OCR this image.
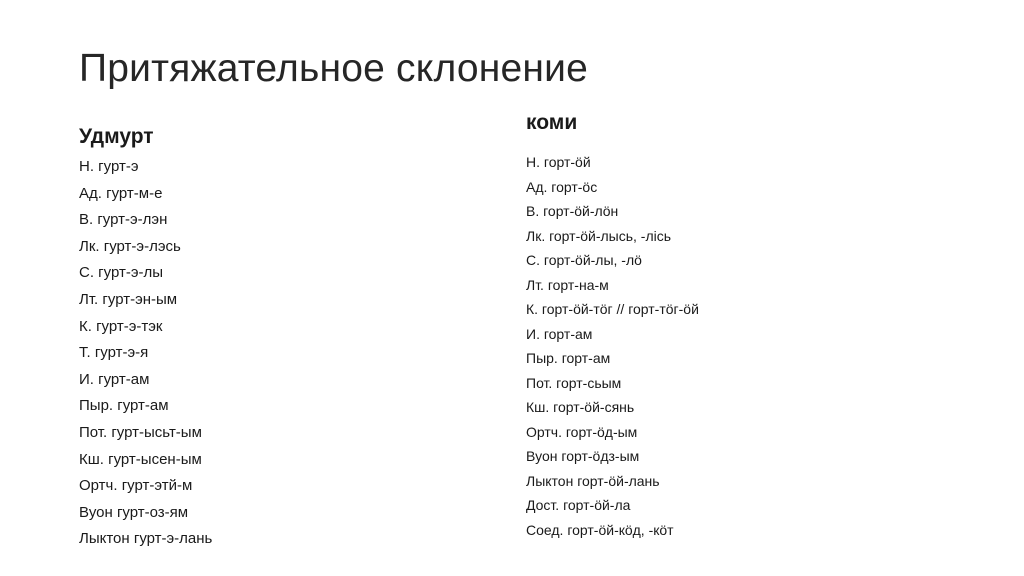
Притяжательное склонение
Удмурт
Н. гурт-э
Ад. гурт-м-е
В. гурт-э-лэн
Лк. гурт-э-лэсь
С. гурт-э-лы
Лт. гурт-эн-ым
К. гурт-э-тэк
Т. гурт-э-я
И. гурт-ам
Пыр. гурт-ам
Пот. гурт-ысьт-ым
Кш. гурт-ысен-ым
Ортч. гурт-этй-м
Вуон гурт-оз-ям
Лыктон гурт-э-лань
коми
Н. горт-öй
Ад. горт-öс
В. горт-öй-лöн
Лк. горт-öй-лысь, -лiсь
С. горт-öй-лы, -лö
Лт. горт-на-м
К. горт-öй-тöг // горт-тöг-öй
И. горт-ам
Пыр. горт-ам
Пот. горт-сьым
Кш. горт-öй-сянь
Ортч. горт-öд-ым
Вуон горт-öдз-ым
Лыктон горт-öй-лань
Дост. горт-öй-ла
Соед. горт-öй-кöд, -кöт
